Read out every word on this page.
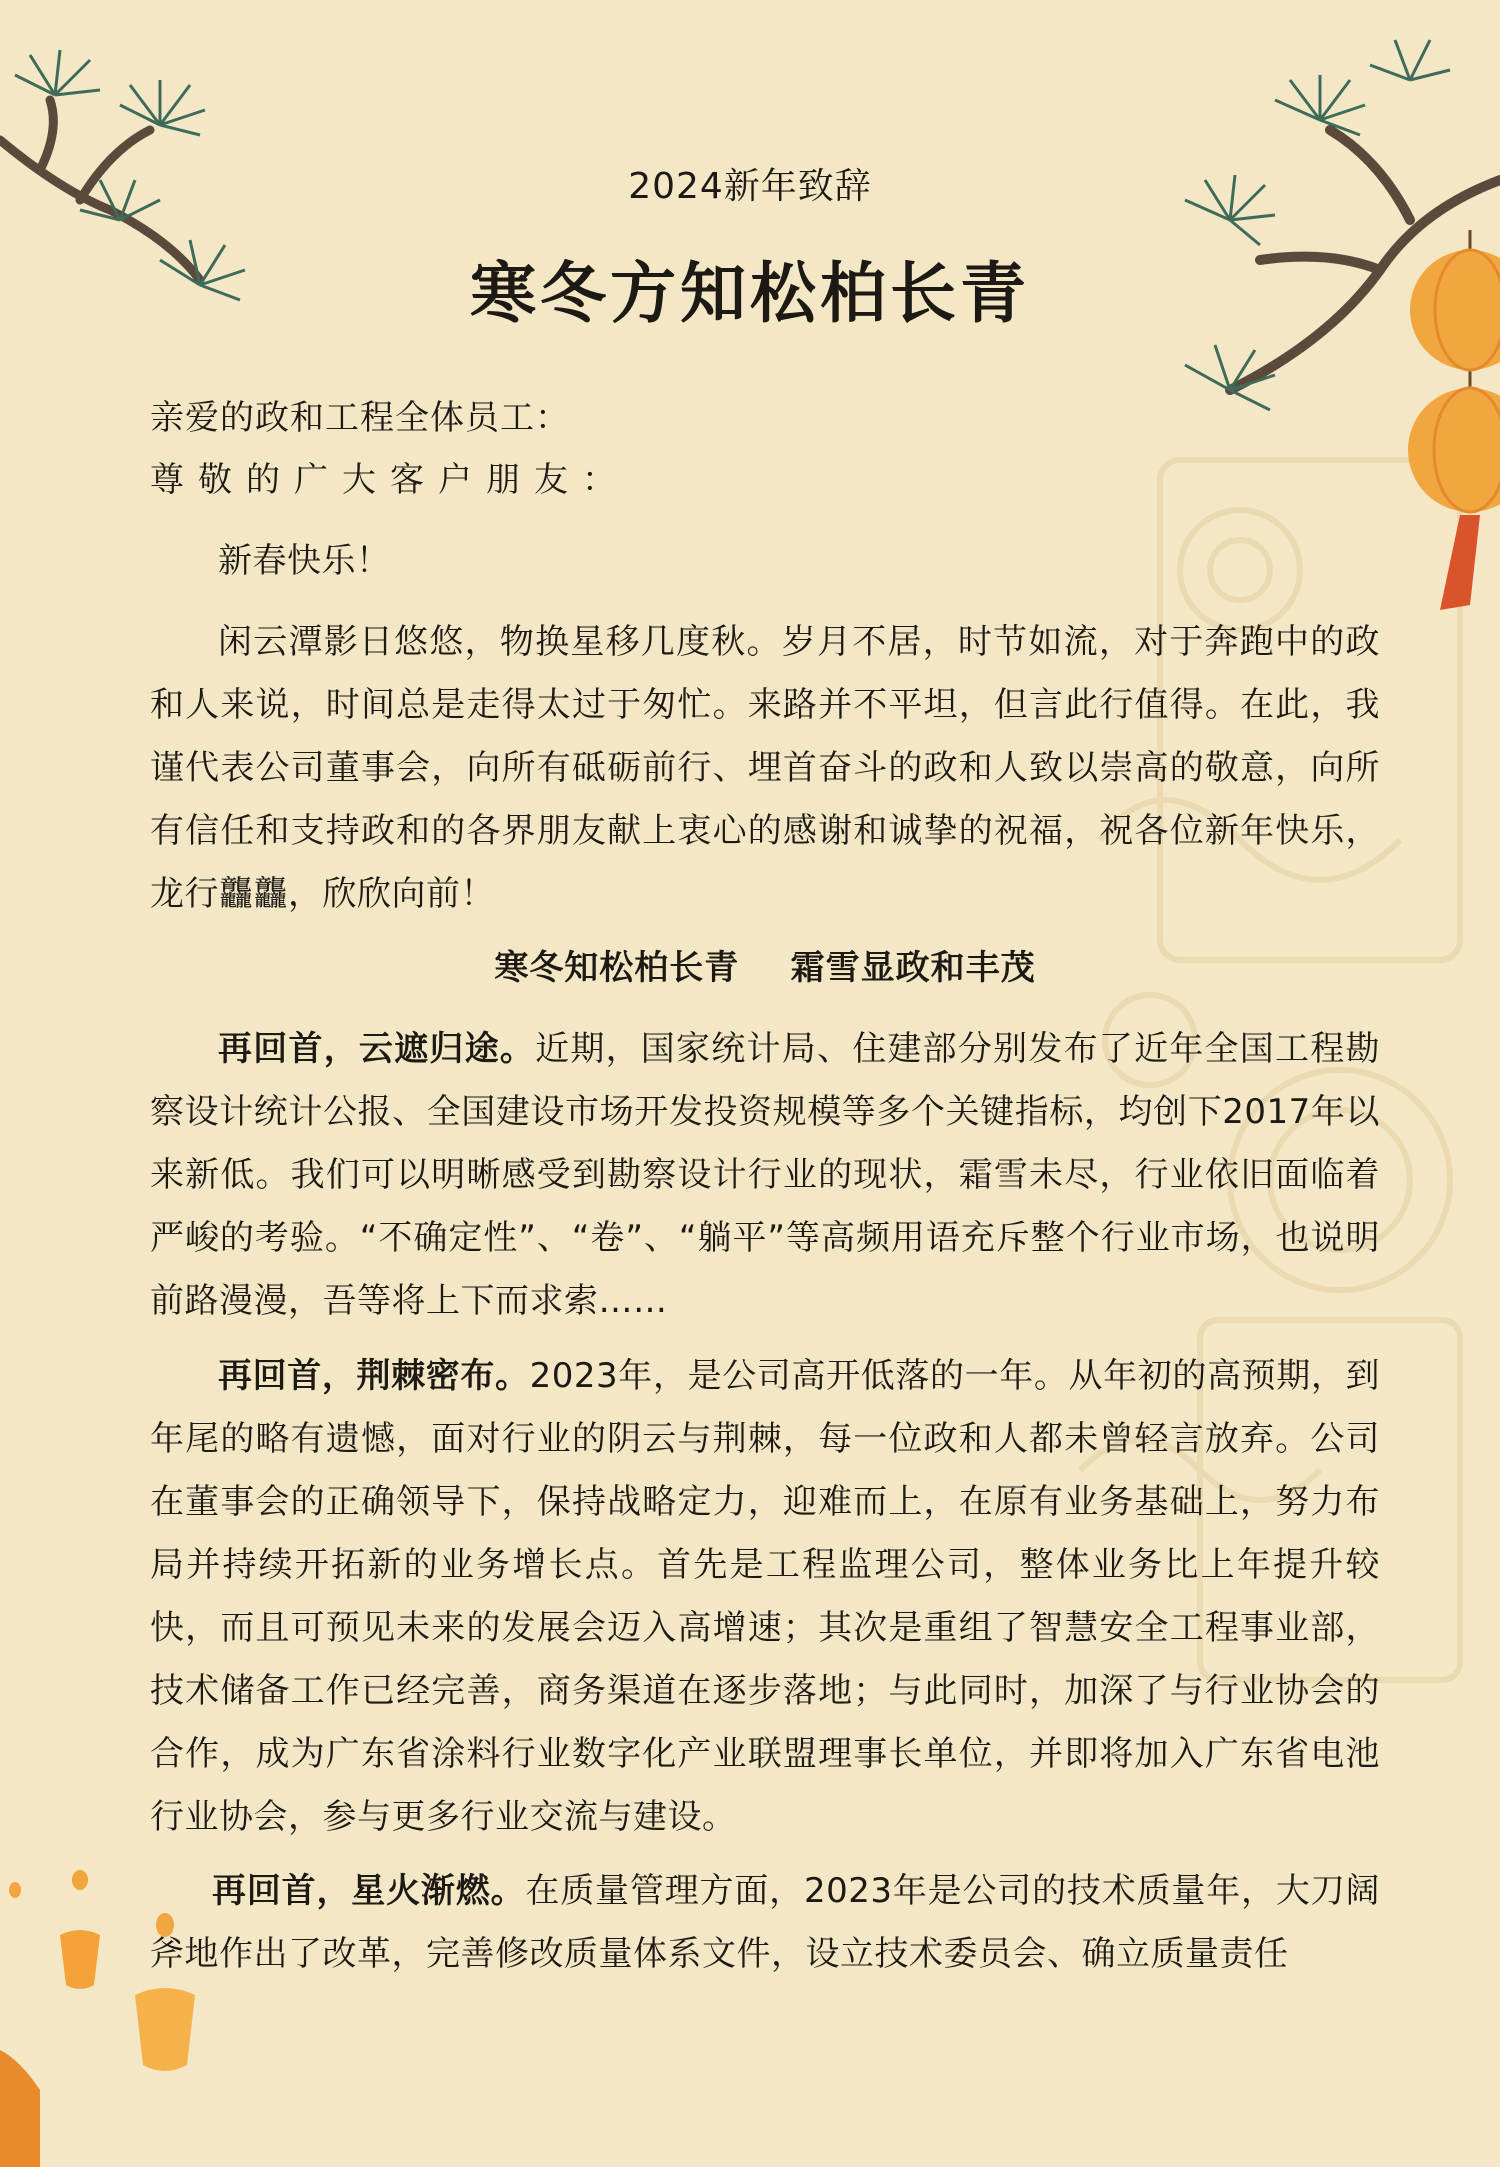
2024新年致辞
寒冬方知松柏长青
亲爱的政和工程全体员工：
尊敬的广大客户朋友：

新春快乐！

闲云潭影日悠悠，物换星移几度秋。岁月不居，时节如流，对于奔跑中的政和人来说，时间总是走得太过于匆忙。来路并不平坦，但言此行值得。在此，我谨代表公司董事会，向所有砥砺前行、埋首奋斗的政和人致以崇高的敬意，向所有信任和支持政和的各界朋友献上衷心的感谢和诚挚的祝福，祝各位新年快乐，龙行龘龘，欣欣向前！

寒冬知松柏长青    霜雪显政和丰茂

再回首，云遮归途。近期，国家统计局、住建部分别发布了近年全国工程勘察设计统计公报、全国建设市场开发投资规模等多个关键指标，均创下2017年以来新低。我们可以明晰感受到勘察设计行业的现状，霜雪未尽，行业依旧面临着严峻的考验。“不确定性”、“卷”、“躺平”等高频用语充斥整个行业市场，也说明前路漫漫，吾等将上下而求索……

再回首，荆棘密布。2023年，是公司高开低落的一年。从年初的高预期，到年尾的略有遗憾，面对行业的阴云与荆棘，每一位政和人都未曾轻言放弃。公司在董事会的正确领导下，保持战略定力，迎难而上，在原有业务基础上，努力布局并持续开拓新的业务增长点。首先是工程监理公司，整体业务比上年提升较快，而且可预见未来的发展会迈入高增速；其次是重组了智慧安全工程事业部，技术储备工作已经完善，商务渠道在逐步落地；与此同时，加深了与行业协会的合作，成为广东省涂料行业数字化产业联盟理事长单位，并即将加入广东省电池行业协会，参与更多行业交流与建设。

再回首，星火渐燃。在质量管理方面，2023年是公司的技术质量年，大刀阔斧地作出了改革，完善修改质量体系文件，设立技术委员会、确立质量责任
